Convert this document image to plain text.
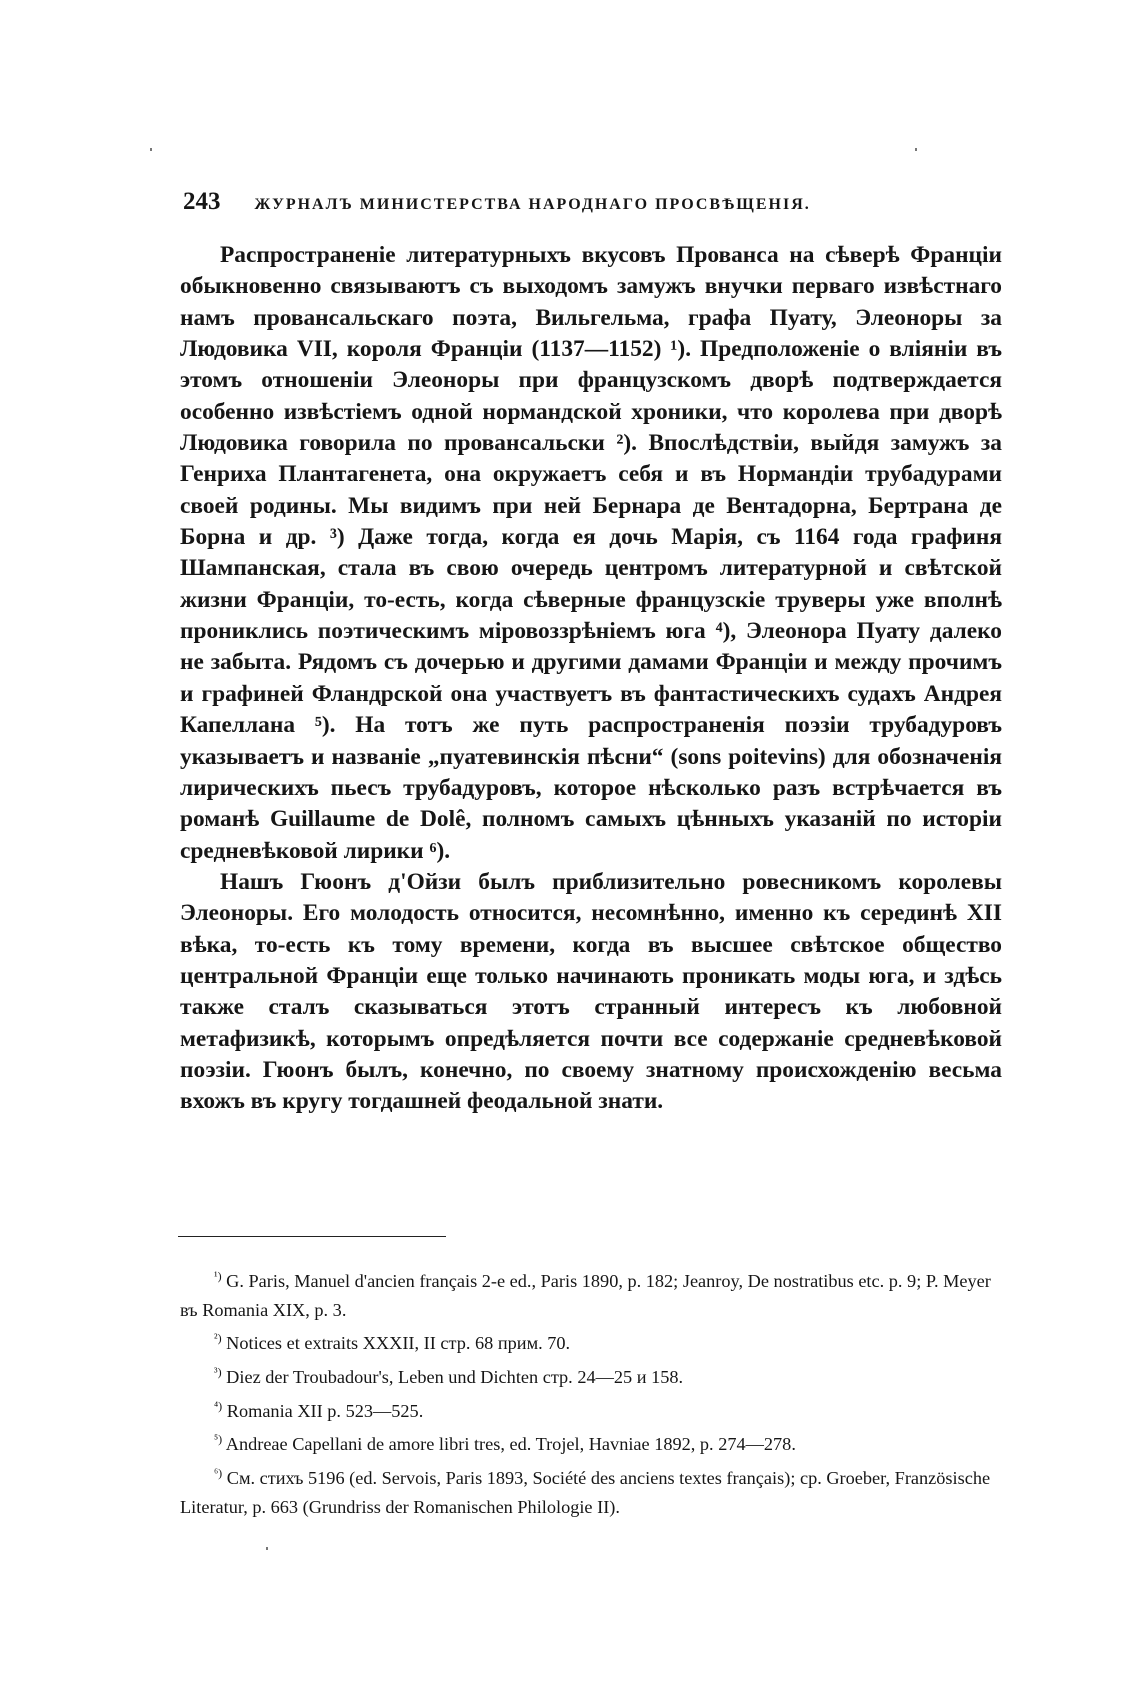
243 ЖУРНАЛЪ МИНИСТЕРСТВА НАРОДНАГО ПРОСВѢЩЕНІЯ.

Распространеніе литературныхъ вкусовъ Прованса на сѣверѣ Франціи обыкновенно связываютъ съ выходомъ замужъ внучки перваго извѣстнаго намъ провансальскаго поэта, Вильгельма, графа Пуату, Элеоноры за Людовика VII, короля Франціи (1137—1152) ¹). Предположеніе о вліяніи въ этомъ отношеніи Элеоноры при французскомъ дворѣ подтверждается особенно извѣстіемъ одной нормандской хроники, что королева при дворѣ Людовика говорила по провансальски ²). Впослѣдствіи, выйдя замужъ за Генриха Плантагенета, она окружаетъ себя и въ Нормандіи трубадурами своей родины. Мы видимъ при ней Бернара де Вентадорна, Бертрана де Борна и др. ³) Даже тогда, когда ея дочь Марія, съ 1164 года графиня Шампанская, стала въ свою очередь центромъ литературной и свѣтской жизни Франціи, то-есть, когда сѣверные французскіе труверы уже вполнѣ прониклись поэтическимъ міровоззрѣніемъ юга ⁴), Элеонора Пуату далеко не забыта. Рядомъ съ дочерью и другими дамами Франціи и между прочимъ и графиней Фландрской она участвуетъ въ фантастическихъ судахъ Андрея Капеллана ⁵). На тотъ же путь распространенія поэзіи трубадуровъ указываетъ и названіе „пуатевинскія пѣсни“ (sons poitevins) для обозначенія лирическихъ пьесъ трубадуровъ, которое нѣсколько разъ встрѣчается въ романѣ Guillaume de Dolê, полномъ самыхъ цѣнныхъ указаній по исторіи средневѣковой лирики ⁶).

Нашъ Гюонъ д'Ойзи былъ приблизительно ровесникомъ королевы Элеоноры. Его молодость относится, несомнѣнно, именно къ серединѣ XII вѣка, то-есть къ тому времени, когда въ высшее свѣтское общество центральной Франціи еще только начинають проникать моды юга, и здѣсь также сталъ сказываться этотъ странный интересъ къ любовной метафизикѣ, которымъ опредѣляется почти все содержаніе средневѣковой поэзіи. Гюонъ былъ, конечно, по своему знатному происхожденію весьма вхожъ въ кругу тогдашней феодальной знати.

$^{^1)}$ G. Paris, Manuel d'ancien français 2-e ed., Paris 1890, p. 182; Jeanroy, De nostratibus etc. p. 9; P. Meyer въ Romania XIX, p. 3.

$^{^2)}$ Notices et extraits XXXII, II стр. 68 прим. 70.

$^{^3)}$ Diez der Troubadour's, Leben und Dichten стр. 24—25 и 158.

$^{^4)}$ Romania XII p. 523—525.

$^{^5)}$ Andreae Capellani de amore libri tres, ed. Trojel, Havniae 1892, p. 274—278.

$^{^6)}$ См. стихъ 5196 (ed. Servois, Paris 1893, Société des anciens textes français); ср. Groeber, Französische Literatur, p. 663 (Grundriss der Romanischen Philologie II).
